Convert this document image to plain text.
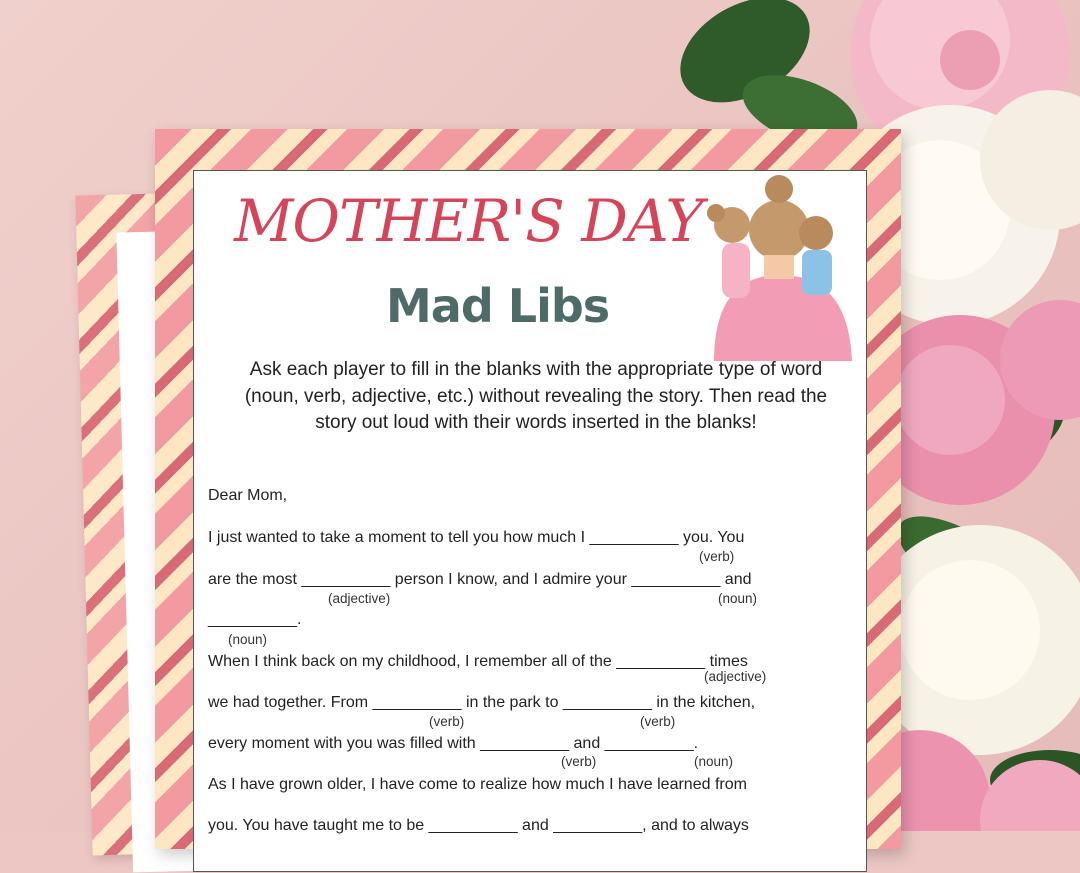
MOTHER'S DAY
Mad Libs

Ask each player to fill in the blanks with the appropriate type of word (noun, verb, adjective, etc.) without revealing the story. Then read the story out loud with their words inserted in the blanks!

Dear Mom,
I just wanted to take a moment to tell you how much I __________ you. You
(verb)
are the most __________ person I know, and I admire your __________ and
(adjective)	(noun)
__________.
(noun)
When I think back on my childhood, I remember all of the __________ times
(adjective)
we had together. From __________ in the park to __________ in the kitchen,
(verb)	(verb)
every moment with you was filled with __________ and __________.
(verb)	(noun)
As I have grown older, I have come to realize how much I have learned from
you. You have taught me to be __________ and __________, and to always
